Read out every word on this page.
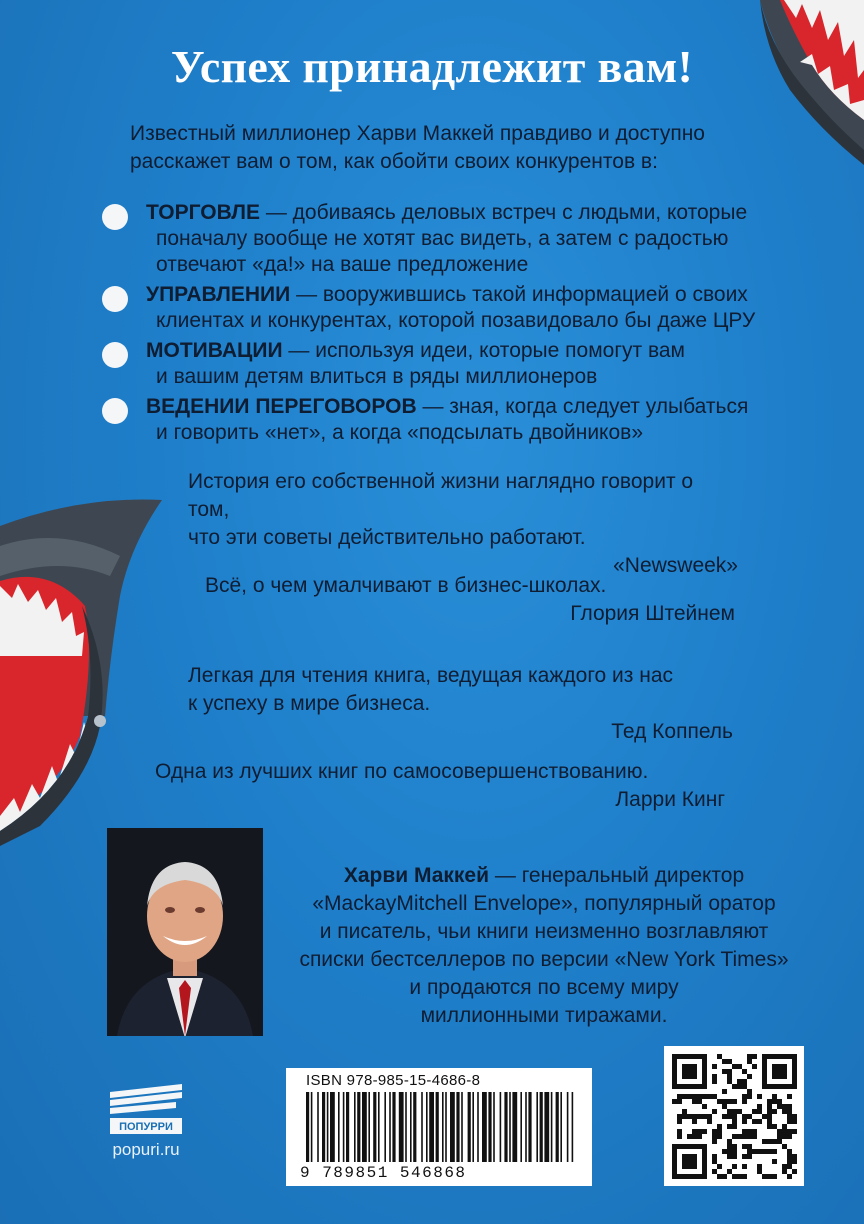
Успех принадлежит вам!
Известный миллионер Харви Маккей правдиво и доступно
расскажет вам о том, как обойти своих конкурентов в:
ТОРГОВЛЕ — добиваясь деловых встреч с людьми, которые
поначалу вообще не хотят вас видеть, а затем с радостью
отвечают «да!» на ваше предложение
УПРАВЛЕНИИ — вооружившись такой информацией о своих
клиентах и конкурентах, которой позавидовало бы даже ЦРУ
МОТИВАЦИИ — используя идеи, которые помогут вам
и вашим детям влиться в ряды миллионеров
ВЕДЕНИИ ПЕРЕГОВОРОВ — зная, когда следует улыбаться
и говорить «нет», а когда «подсылать двойников»
История его собственной жизни наглядно говорит о том,
что эти советы действительно работают.
«Newsweek»
Всё, о чем умалчивают в бизнес-школах.
Глория Штейнем
Легкая для чтения книга, ведущая каждого из нас
к успеху в мире бизнеса.
Тед Коппель
Одна из лучших книг по самосовершенствованию.
Ларри Кинг
Харви Маккей — генеральный директор
«MackayMitchell Envelope», популярный оратор
и писатель, чьи книги неизменно возглавляют
списки бестселлеров по версии «New York Times»
и продаются по всему миру
миллионными тиражами.
ПОПУРРИ
popuri.ru
ISBN 978-985-15-4686-8
9 789851 546868
